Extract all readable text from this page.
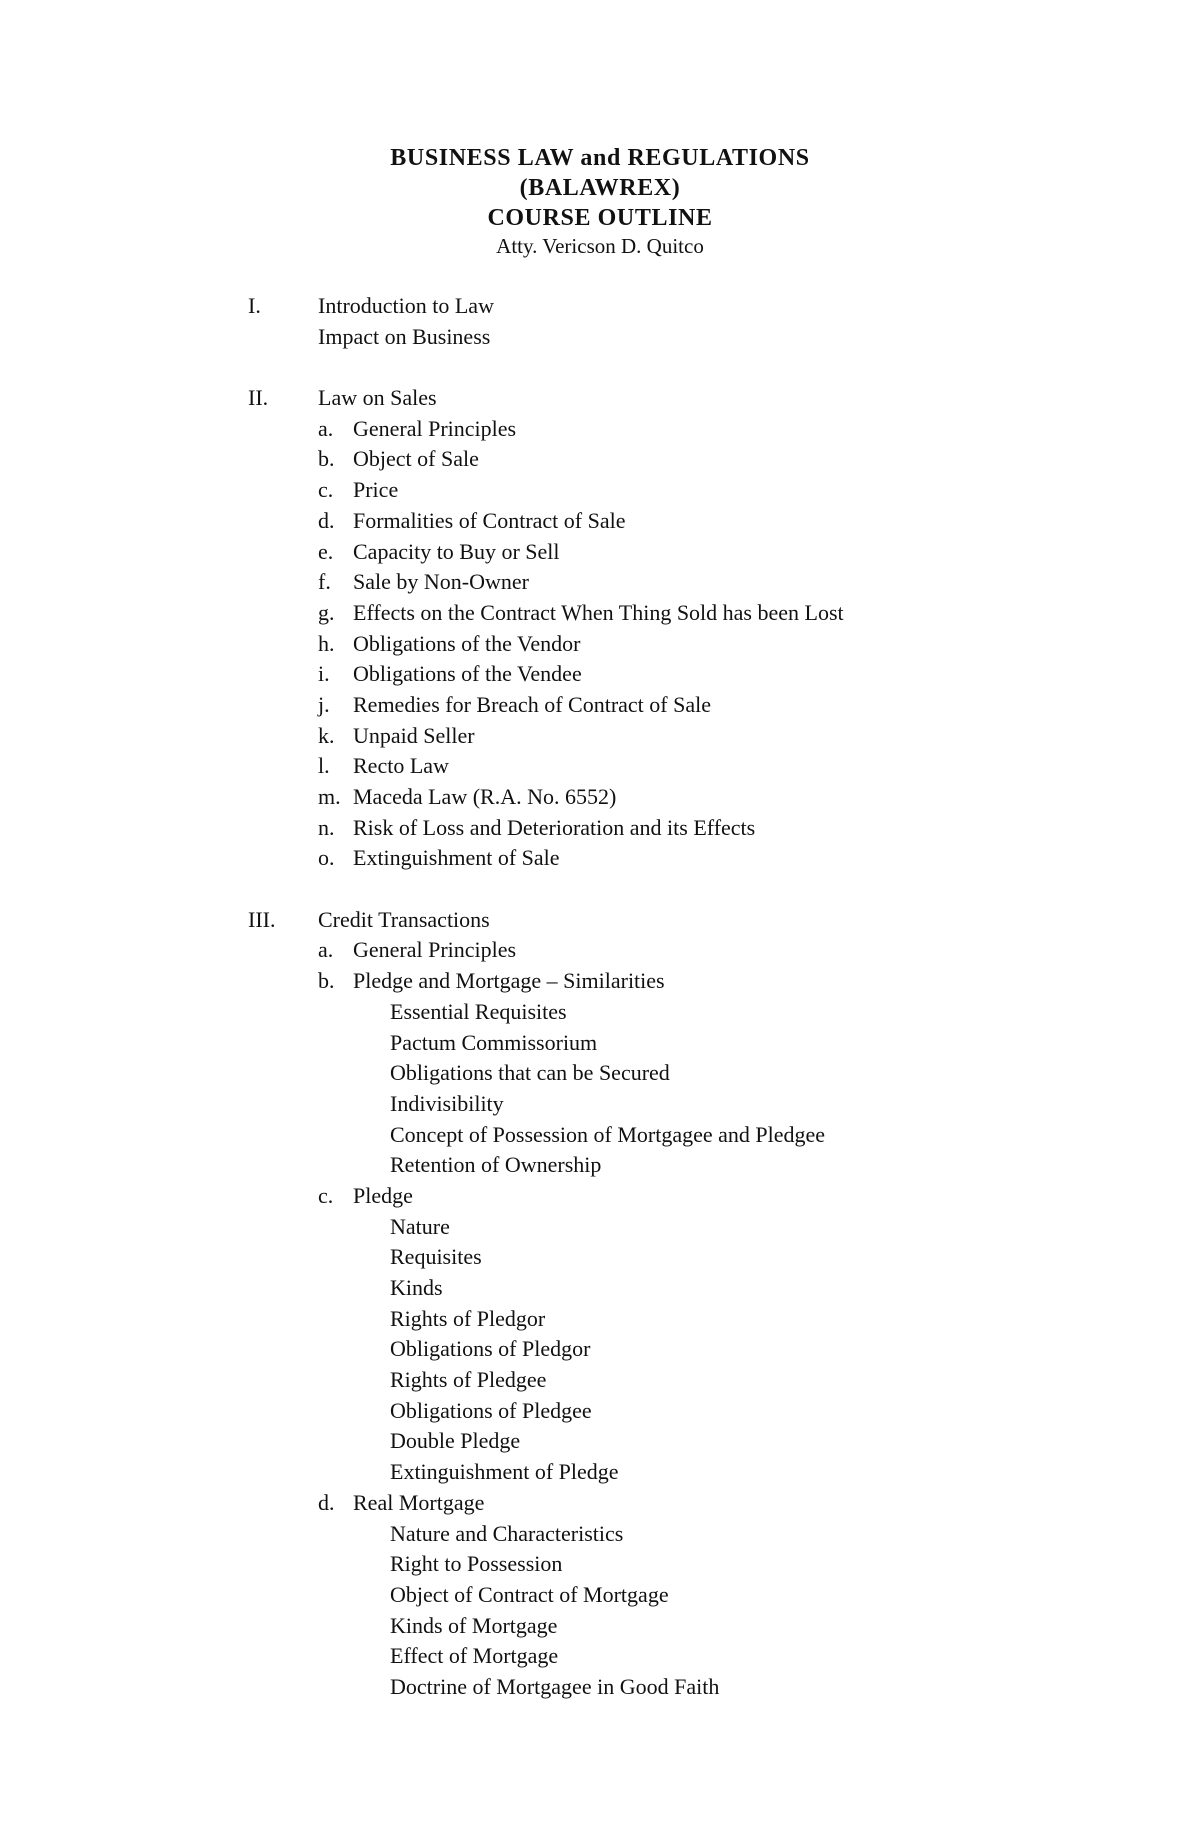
BUSINESS LAW and REGULATIONS
(BALAWREX)
COURSE OUTLINE
Atty. Vericson D. Quitco
I.	Introduction to Law
Impact on Business
II. Law on Sales
a. General Principles
b. Object of Sale
c. Price
d. Formalities of Contract of Sale
e. Capacity to Buy or Sell
f. Sale by Non-Owner
g. Effects on the Contract When Thing Sold has been Lost
h. Obligations of the Vendor
i. Obligations of the Vendee
j. Remedies for Breach of Contract of Sale
k. Unpaid Seller
l. Recto Law
m. Maceda Law (R.A. No. 6552)
n. Risk of Loss and Deterioration and its Effects
o. Extinguishment of Sale
III. Credit Transactions
a. General Principles
b. Pledge and Mortgage – Similarities
Essential Requisites
Pactum Commissorium
Obligations that can be Secured
Indivisibility
Concept of Possession of Mortgagee and Pledgee
Retention of Ownership
c. Pledge
Nature
Requisites
Kinds
Rights of Pledgor
Obligations of Pledgor
Rights of Pledgee
Obligations of Pledgee
Double Pledge
Extinguishment of Pledge
d. Real Mortgage
Nature and Characteristics
Right to Possession
Object of Contract of Mortgage
Kinds of Mortgage
Effect of Mortgage
Doctrine of Mortgagee in Good Faith
